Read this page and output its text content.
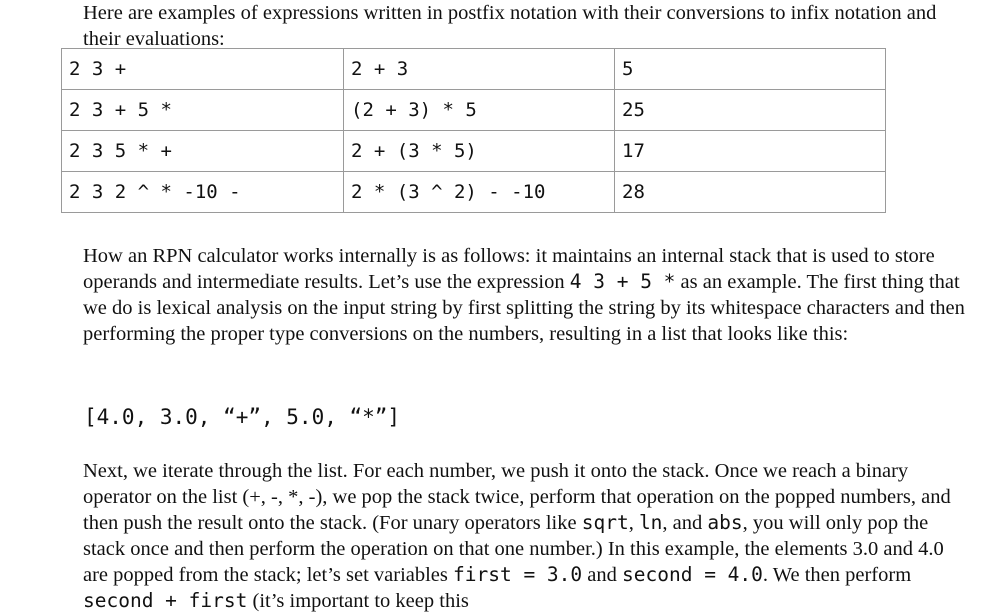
Here are examples of expressions written in postfix notation with their conversions to infix notation and their evaluations:

2 3 +	2 + 3	5
2 3 + 5 *	(2 + 3) * 5	25
2 3 5 * +	2 + (3 * 5)	17
2 3 2 ^ * -10 -	2 * (3 ^ 2) - -10	28

How an RPN calculator works internally is as follows: it maintains an internal stack that is used to store operands and intermediate results. Let’s use the expression 4 3 + 5 * as an example. The first thing that we do is lexical analysis on the input string by first splitting the string by its whitespace characters and then performing the proper type conversions on the numbers, resulting in a list that looks like this:

[4.0, 3.0, “+”, 5.0, “*”]

Next, we iterate through the list. For each number, we push it onto the stack. Once we reach a binary operator on the list (+, -, *, -), we pop the stack twice, perform that operation on the popped numbers, and then push the result onto the stack. (For unary operators like sqrt, ln, and abs, you will only pop the stack once and then perform the operation on that one number.) In this example, the elements 3.0 and 4.0 are popped from the stack; let’s set variables first = 3.0 and second = 4.0. We then perform second + first (it’s important to keep this
